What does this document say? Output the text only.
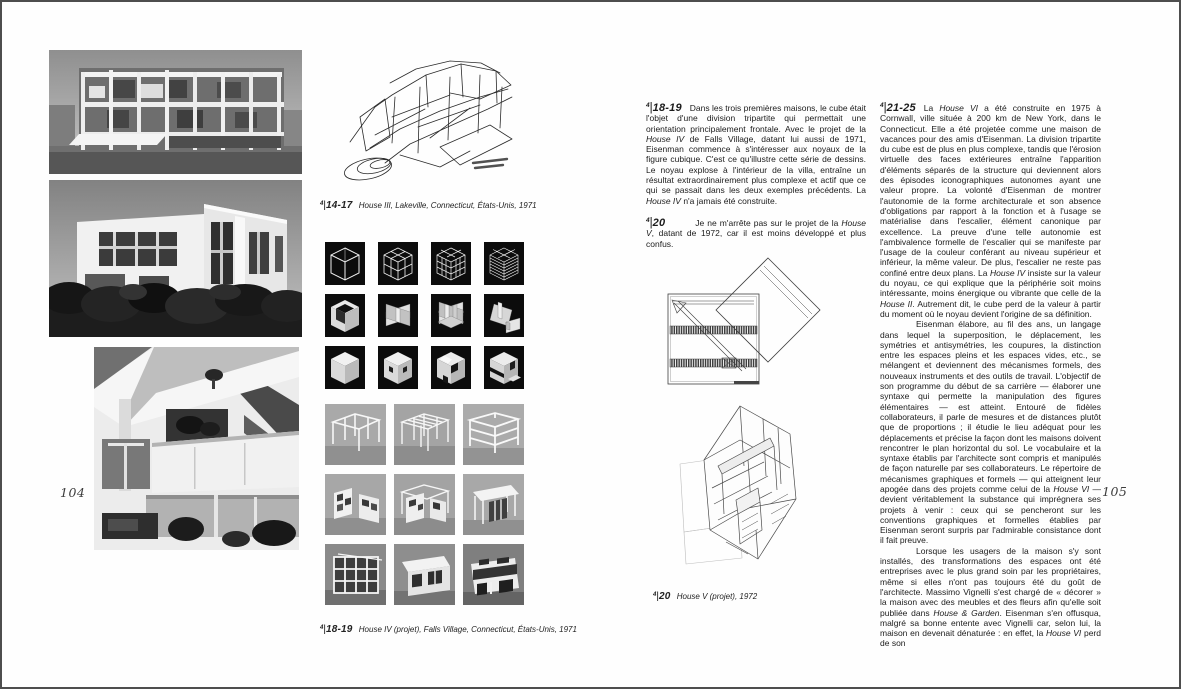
104
$^4$|14-17 House III, Lakeville, Connecticut, États-Unis, 1971
$^4$|18-19 House IV (projet), Falls Village, Connecticut, États-Unis, 1971

$^4$|18-19 Dans les trois premières maisons, le cube était l'objet d'une division tripartite qui permettait une orientation principalement frontale. Avec le projet de la House IV de Falls Village, datant lui aussi de 1971, Eisenman commence à s'intéresser aux noyaux de la figure cubique. C'est ce qu'illustre cette série de dessins. Le noyau explose à l'intérieur de la villa, entraîne un résultat extraordinairement plus complexe et actif que ce qui se passait dans les deux exemples précédents. La House IV n'a jamais été construite.

$^4$|20	Je ne m'arrête pas sur le projet de la House V, datant de 1972, car il est moins développé et plus confus.

$^4$|20 House V (projet), 1972

$^4$|21-25 La House VI a été construite en 1975 à Cornwall, ville située à 200 km de New York, dans le Connecticut. Elle a été projetée comme une maison de vacances pour des amis d'Eisenman. La division tripartite du cube est de plus en plus complexe, tandis que l'érosion virtuelle des faces extérieures entraîne l'apparition d'éléments séparés de la structure qui deviennent alors des épisodes iconographiques autonomes ayant une valeur propre. La volonté d'Eisenman de montrer l'autonomie de la forme architecturale et son absence d'obligations par rapport à la fonction et à l'usage se matérialise dans l'escalier, élément canonique par excellence. La preuve d'une telle autonomie est l'ambivalence formelle de l'escalier qui se manifeste par l'usage de la couleur conférant au niveau supérieur et inférieur, la même valeur. De plus, l'escalier ne reste pas confiné entre deux plans. La House IV insiste sur la valeur du noyau, ce qui explique que la périphérie soit moins intéressante, moins énergique ou vibrante que celle de la House II. Autrement dit, le cube perd de la valeur à partir du moment où le noyau devient l'origine de sa définition.

Eisenman élabore, au fil des ans, un langage dans lequel la superposition, le déplacement, les symétries et antisymétries, les coupures, la distinction entre les espaces pleins et les espaces vides, etc., se mélangent et deviennent des mécanismes formels, des nouveaux instruments et des outils de travail. L'objectif de son programme du début de sa carrière — élaborer une syntaxe qui permette la manipulation des figures élémentaires — est atteint. Entouré de fidèles collaborateurs, il parle de mesures et de distances plutôt que de proportions ; il étudie le lieu adéquat pour les déplacements et précise la façon dont les maisons doivent rencontrer le plan horizontal du sol. Le vocabulaire et la syntaxe établis par l'architecte sont compris et manipulés de façon naturelle par ses collaborateurs. Le répertoire de mécanismes graphiques et formels — qui atteignent leur apogée dans des projets comme celui de la House VI — devient véritablement la substance qui imprégnera ses projets à venir : ceux qui se pencheront sur les conventions graphiques et formelles établies par Eisenman seront surpris par l'admirable consistance dont il fait preuve.

Lorsque les usagers de la maison s'y sont installés, des transformations des espaces ont été entreprises avec le plus grand soin par les propriétaires, même si elles n'ont pas toujours été du goût de l'architecte. Massimo Vignelli s'est chargé de « décorer » la maison avec des meubles et des fleurs afin qu'elle soit publiée dans House & Garden. Eisenman s'en offusqua, malgré sa bonne entente avec Vignelli car, selon lui, la maison en devenait dénaturée : en effet, la House VI perd de son

105
